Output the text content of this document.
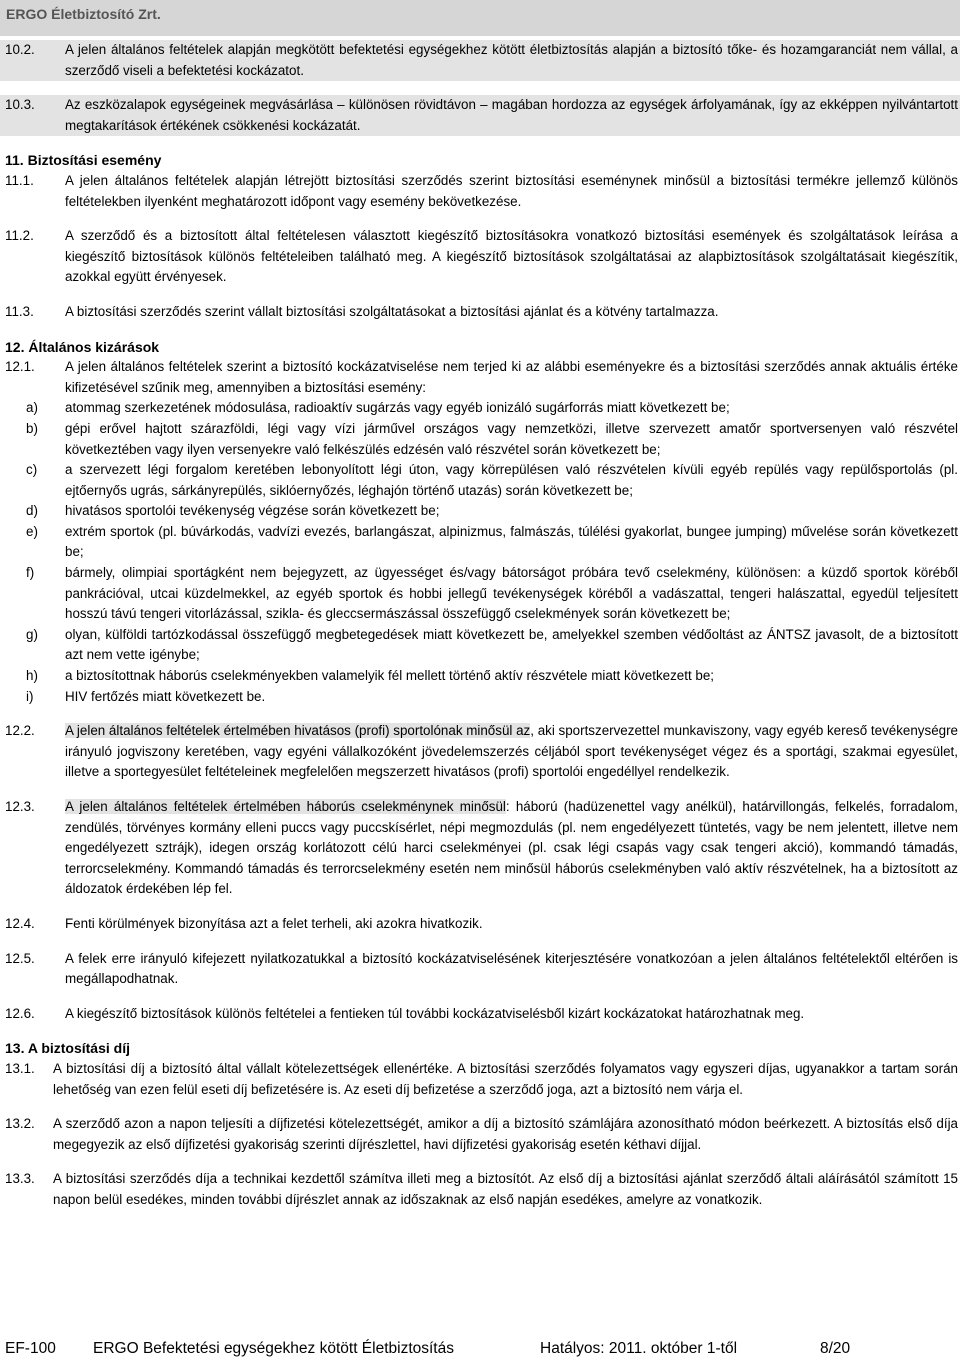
ERGO Életbiztosító Zrt.
10.2.	A jelen általános feltételek alapján megkötött befektetési egységekhez kötött életbiztosítás alapján a biztosító tőke- és hozamgaranciát nem vállal, a szerződő viseli a befektetési kockázatot.
10.3.	Az eszközalapok egységeinek megvásárlása – különösen rövidtávon – magában hordozza az egységek árfolyamának, így az ekképpen nyilvántartott megtakarítások értékének csökkenési kockázatát.
11. Biztosítási esemény
11.1.	A jelen általános feltételek alapján létrejött biztosítási szerződés szerint biztosítási eseménynek minősül a biztosítási termékre jellemző különös feltételekben ilyenként meghatározott időpont vagy esemény bekövetkezése.
11.2.	A szerződő és a biztosított által feltételesen választott kiegészítő biztosításokra vonatkozó biztosítási események és szolgáltatások leírása a kiegészítő biztosítások különös feltételeiben található meg. A kiegészítő biztosítások szolgáltatásai az alapbiztosítások szolgáltatásait kiegészítik, azokkal együtt érvényesek.
11.3.	A biztosítási szerződés szerint vállalt biztosítási szolgáltatásokat a biztosítási ajánlat és a kötvény tartalmazza.
12. Általános kizárások
12.1.	A jelen általános feltételek szerint a biztosító kockázatviselése nem terjed ki az alábbi eseményekre és a biztosítási szerződés annak aktuális értéke kifizetésével szűnik meg, amennyiben a biztosítási esemény:
a)	atommag szerkezetének módosulása, radioaktív sugárzás vagy egyéb ionizáló sugárforrás miatt következett be;
b)	gépi erővel hajtott szárazföldi, légi vagy vízi járművel országos vagy nemzetközi, illetve szervezett amatőr sportversenyen való részvétel következtében vagy ilyen versenyekre való felkészülés edzésén való részvétel során következett be;
c)	a szervezett légi forgalom keretében lebonyolított légi úton, vagy körrepülésen való részvételen kívüli egyéb repülés vagy repülősportolás (pl. ejtőernyős ugrás, sárkányrepülés, siklóernyőzés, léghajón történő utazás) során következett be;
d)	hivatásos sportolói tevékenység végzése során következett be;
e)	extrém sportok (pl. búvárkodás, vadvízi evezés, barlangászat, alpinizmus, falmászás, túlélési gyakorlat, bungee jumping) művelése során következett be;
f)	bármely, olimpiai sportágként nem bejegyzett, az ügyességet és/vagy bátorságot próbára tevő cselekmény, különösen: a küzdő sportok köréből pankrációval, utcai küzdelmekkel, az egyéb sportok és hobbi jellegű tevékenységek köréből a vadászattal, tengeri halászattal, egyedül teljesített hosszú távú tengeri vitorlázással, szikla- és gleccsermászással összefüggő cselekmények során következett be;
g)	olyan, külföldi tartózkodással összefüggő megbetegedések miatt következett be, amelyekkel szemben védőoltást az ÁNTSZ javasolt, de a biztosított azt nem vette igénybe;
h)	a biztosítottnak háborús cselekményekben valamelyik fél mellett történő aktív részvétele miatt következett be;
i)	HIV fertőzés miatt következett be.
12.2.	A jelen általános feltételek értelmében hivatásos (profi) sportolónak minősül az, aki sportszervezettel munkaviszony, vagy egyéb kereső tevékenységre irányuló jogviszony keretében, vagy egyéni vállalkozóként jövedelemszerzés céljából sport tevékenységet végez és a sportági, szakmai egyesület, illetve a sportegyesület feltételeinek megfelelően megszerzett hivatásos (profi) sportolói engedéllyel rendelkezik.
12.3.	A jelen általános feltételek értelmében háborús cselekménynek minősül: háború (hadüzenettel vagy anélkül), határvillongás, felkelés, forradalom, zendülés, törvényes kormány elleni puccs vagy puccskísérlet, népi megmozdulás (pl. nem engedélyezett tüntetés, vagy be nem jelentett, illetve nem engedélyezett sztrájk), idegen ország korlátozott célú harci cselekményei (pl. csak légi csapás vagy csak tengeri akció), kommandó támadás, terrorcselekmény. Kommandó támadás és terrorcselekmény esetén nem minősül háborús cselekményben való aktív részvételnek, ha a biztosított az áldozatok érdekében lép fel.
12.4.	Fenti körülmények bizonyítása azt a felet terheli, aki azokra hivatkozik.
12.5.	A felek erre irányuló kifejezett nyilatkozatukkal a biztosító kockázatviselésének kiterjesztésére vonatkozóan a jelen általános feltételektől eltérően is megállapodhatnak.
12.6.	A kiegészítő biztosítások különös feltételei a fentieken túl további kockázatviselésből kizárt kockázatokat határozhatnak meg.
13. A biztosítási díj
13.1.	A biztosítási díj a biztosító által vállalt kötelezettségek ellenértéke. A biztosítási szerződés folyamatos vagy egyszeri díjas, ugyanakkor a tartam során lehetőség van ezen felül eseti díj befizetésére is. Az eseti díj befizetése a szerződő joga, azt a biztosító nem várja el.
13.2.	A szerződő azon a napon teljesíti a díjfizetési kötelezettségét, amikor a díj a biztosító számlájára azonosítható módon beérkezett. A biztosítás első díja megegyezik az első díjfizetési gyakoriság szerinti díjrészlettel, havi díjfizetési gyakoriság esetén kéthavi díjjal.
13.3.	A biztosítási szerződés díja a technikai kezdettől számítva illeti meg a biztosítót. Az első díj a biztosítási ajánlat szerződő általi aláírásától számított 15 napon belül esedékes, minden további díjrészlet annak az időszaknak az első napján esedékes, amelyre az vonatkozik.
EF-100 ERGO Befektetési egységekhez kötött Életbiztosítás	Hatályos: 2011. október 1-től	8/20
